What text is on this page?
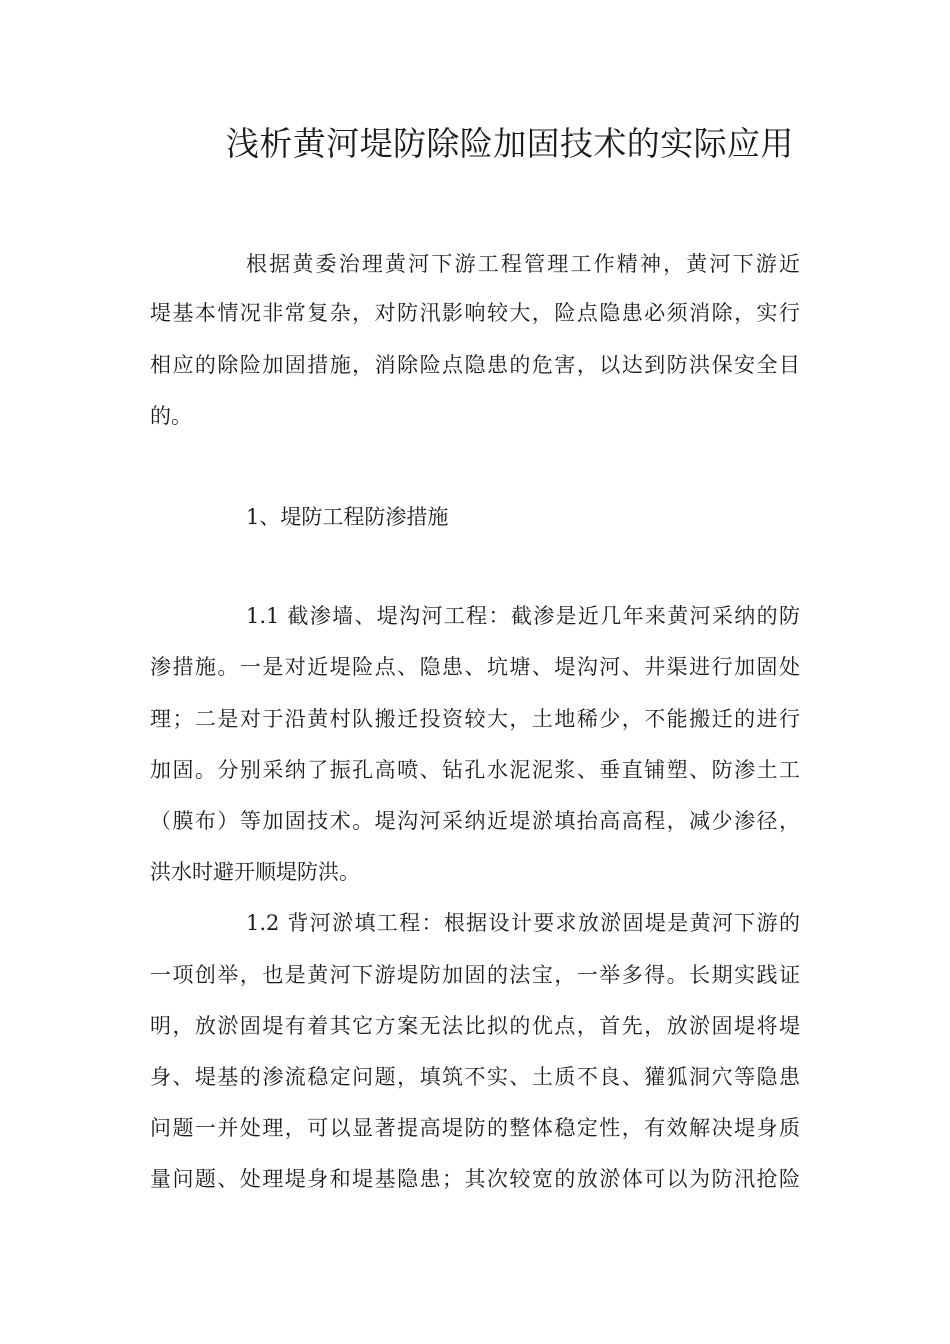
浅析黄河堤防除险加固技术的实际应用

根据黄委治理黄河下游工程管理工作精神，黄河下游近

堤基本情况非常复杂，对防汛影响较大，险点隐患必须消除，实行

相应的除险加固措施，消除险点隐患的危害，以达到防洪保安全目

的。

1、堤防工程防渗措施

1.1 截渗墙、堤沟河工程：截渗是近几年来黄河采纳的防

渗措施。一是对近堤险点、隐患、坑塘、堤沟河、井渠进行加固处

理；二是对于沿黄村队搬迁投资较大，土地稀少，不能搬迁的进行

加固。分别采纳了振孔高喷、钻孔水泥泥浆、垂直铺塑、防渗土工

（膜布）等加固技术。堤沟河采纳近堤淤填抬高高程，减少渗径，

洪水时避开顺堤防洪。

1.2 背河淤填工程：根据设计要求放淤固堤是黄河下游的

一项创举，也是黄河下游堤防加固的法宝，一举多得。长期实践证

明，放淤固堤有着其它方案无法比拟的优点，首先，放淤固堤将堤

身、堤基的渗流稳定问题，填筑不实、土质不良、獾狐洞穴等隐患

问题一并处理，可以显著提高堤防的整体稳定性，有效解决堤身质

量问题、处理堤身和堤基隐患；其次较宽的放淤体可以为防汛抢险
